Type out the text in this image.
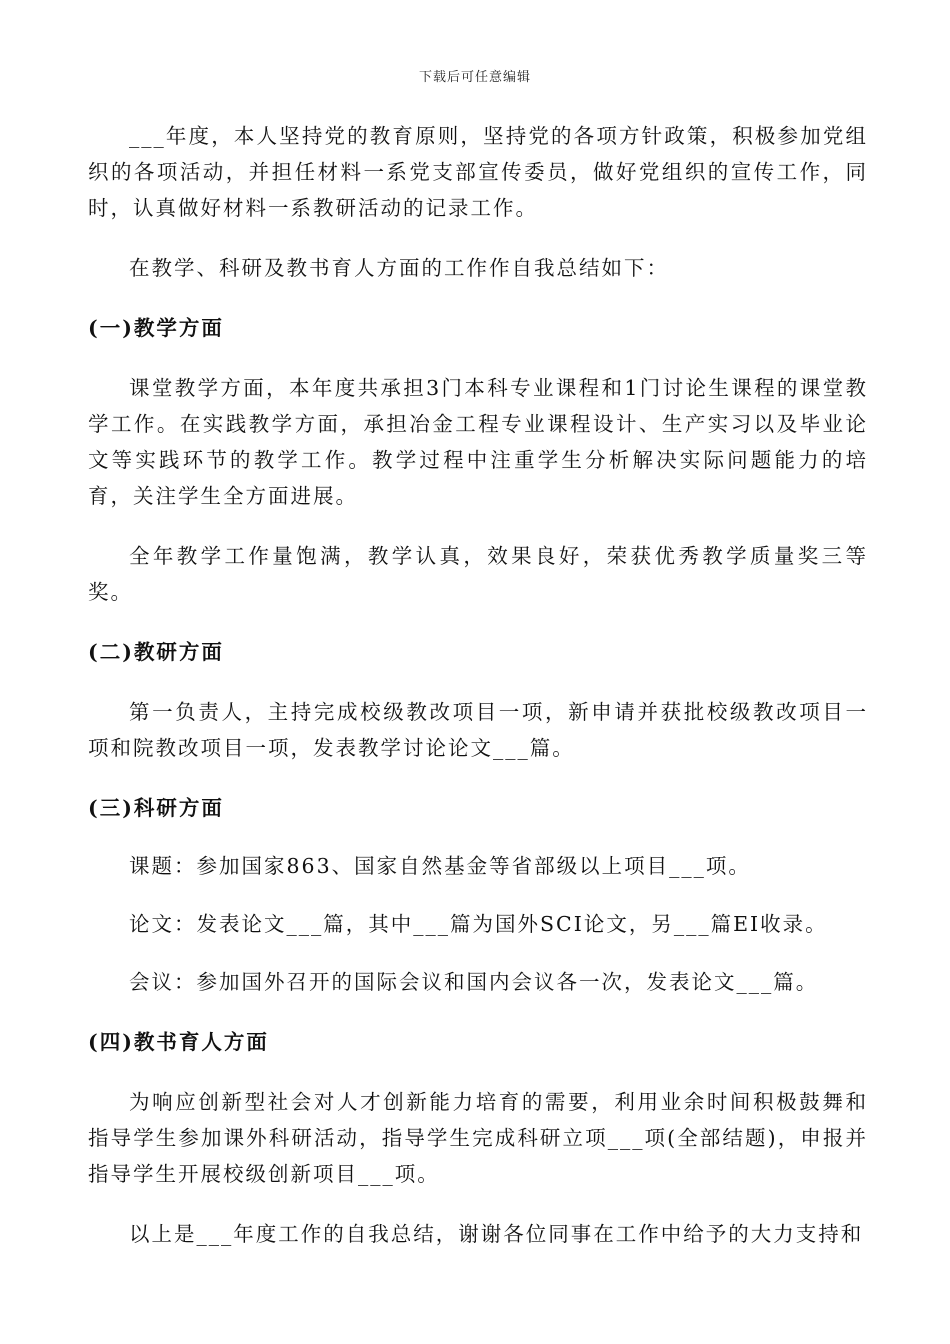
下载后可任意编辑

___年度，本人坚持党的教育原则，坚持党的各项方针政策，积极参加党组织的各项活动，并担任材料一系党支部宣传委员，做好党组织的宣传工作，同时，认真做好材料一系教研活动的记录工作。

在教学、科研及教书育人方面的工作作自我总结如下：

(一)教学方面

课堂教学方面，本年度共承担3门本科专业课程和1门讨论生课程的课堂教学工作。在实践教学方面，承担冶金工程专业课程设计、生产实习以及毕业论文等实践环节的教学工作。教学过程中注重学生分析解决实际问题能力的培育，关注学生全方面进展。

全年教学工作量饱满，教学认真，效果良好，荣获优秀教学质量奖三等奖。

(二)教研方面

第一负责人，主持完成校级教改项目一项，新申请并获批校级教改项目一项和院教改项目一项，发表教学讨论论文___篇。

(三)科研方面

课题：参加国家863、国家自然基金等省部级以上项目___项。

论文：发表论文___篇，其中___篇为国外SCI论文，另___篇EI收录。

会议：参加国外召开的国际会议和国内会议各一次，发表论文___篇。

(四)教书育人方面

为响应创新型社会对人才创新能力培育的需要，利用业余时间积极鼓舞和指导学生参加课外科研活动，指导学生完成科研立项___项(全部结题)，申报并指导学生开展校级创新项目___项。

以上是___年度工作的自我总结，谢谢各位同事在工作中给予的大力支持和
